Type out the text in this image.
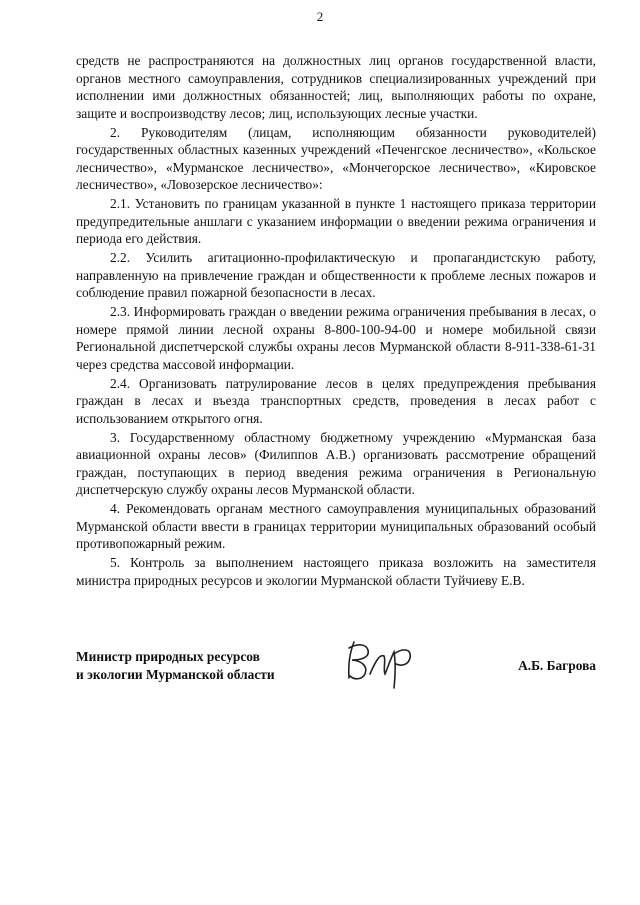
2

средств не распространяются на должностных лиц органов государственной власти, органов местного самоуправления, сотрудников специализированных учреждений при исполнении ими должностных обязанностей; лиц, выполняющих работы по охране, защите и воспроизводству лесов; лиц, использующих лесные участки.

2. Руководителям (лицам, исполняющим обязанности руководителей) государственных областных казенных учреждений «Печенгское лесничество», «Кольское лесничество», «Мурманское лесничество», «Мончегорское лесничество», «Кировское лесничество», «Ловозерское лесничество»:

2.1. Установить по границам указанной в пункте 1 настоящего приказа территории предупредительные аншлаги с указанием информации о введении режима ограничения и периода его действия.

2.2. Усилить агитационно-профилактическую и пропагандистскую работу, направленную на привлечение граждан и общественности к проблеме лесных пожаров и соблюдение правил пожарной безопасности в лесах.

2.3. Информировать граждан о введении режима ограничения пребывания в лесах, о номере прямой линии лесной охраны 8-800-100-94-00 и номере мобильной связи Региональной диспетчерской службы охраны лесов Мурманской области 8-911-338-61-31 через средства массовой информации.

2.4. Организовать патрулирование лесов в целях предупреждения пребывания граждан в лесах и въезда транспортных средств, проведения в лесах работ с использованием открытого огня.

3. Государственному областному бюджетному учреждению «Мурманская база авиационной охраны лесов» (Филиппов А.В.) организовать рассмотрение обращений граждан, поступающих в период введения режима ограничения в Региональную диспетчерскую службу охраны лесов Мурманской области.

4. Рекомендовать органам местного самоуправления муниципальных образований Мурманской области ввести в границах территории муниципальных образований особый противопожарный режим.

5. Контроль за выполнением настоящего приказа возложить на заместителя министра природных ресурсов и экологии Мурманской области Туйчиеву Е.В.

Министр природных ресурсов
и экологии Мурманской области
А.Б. Багрова
